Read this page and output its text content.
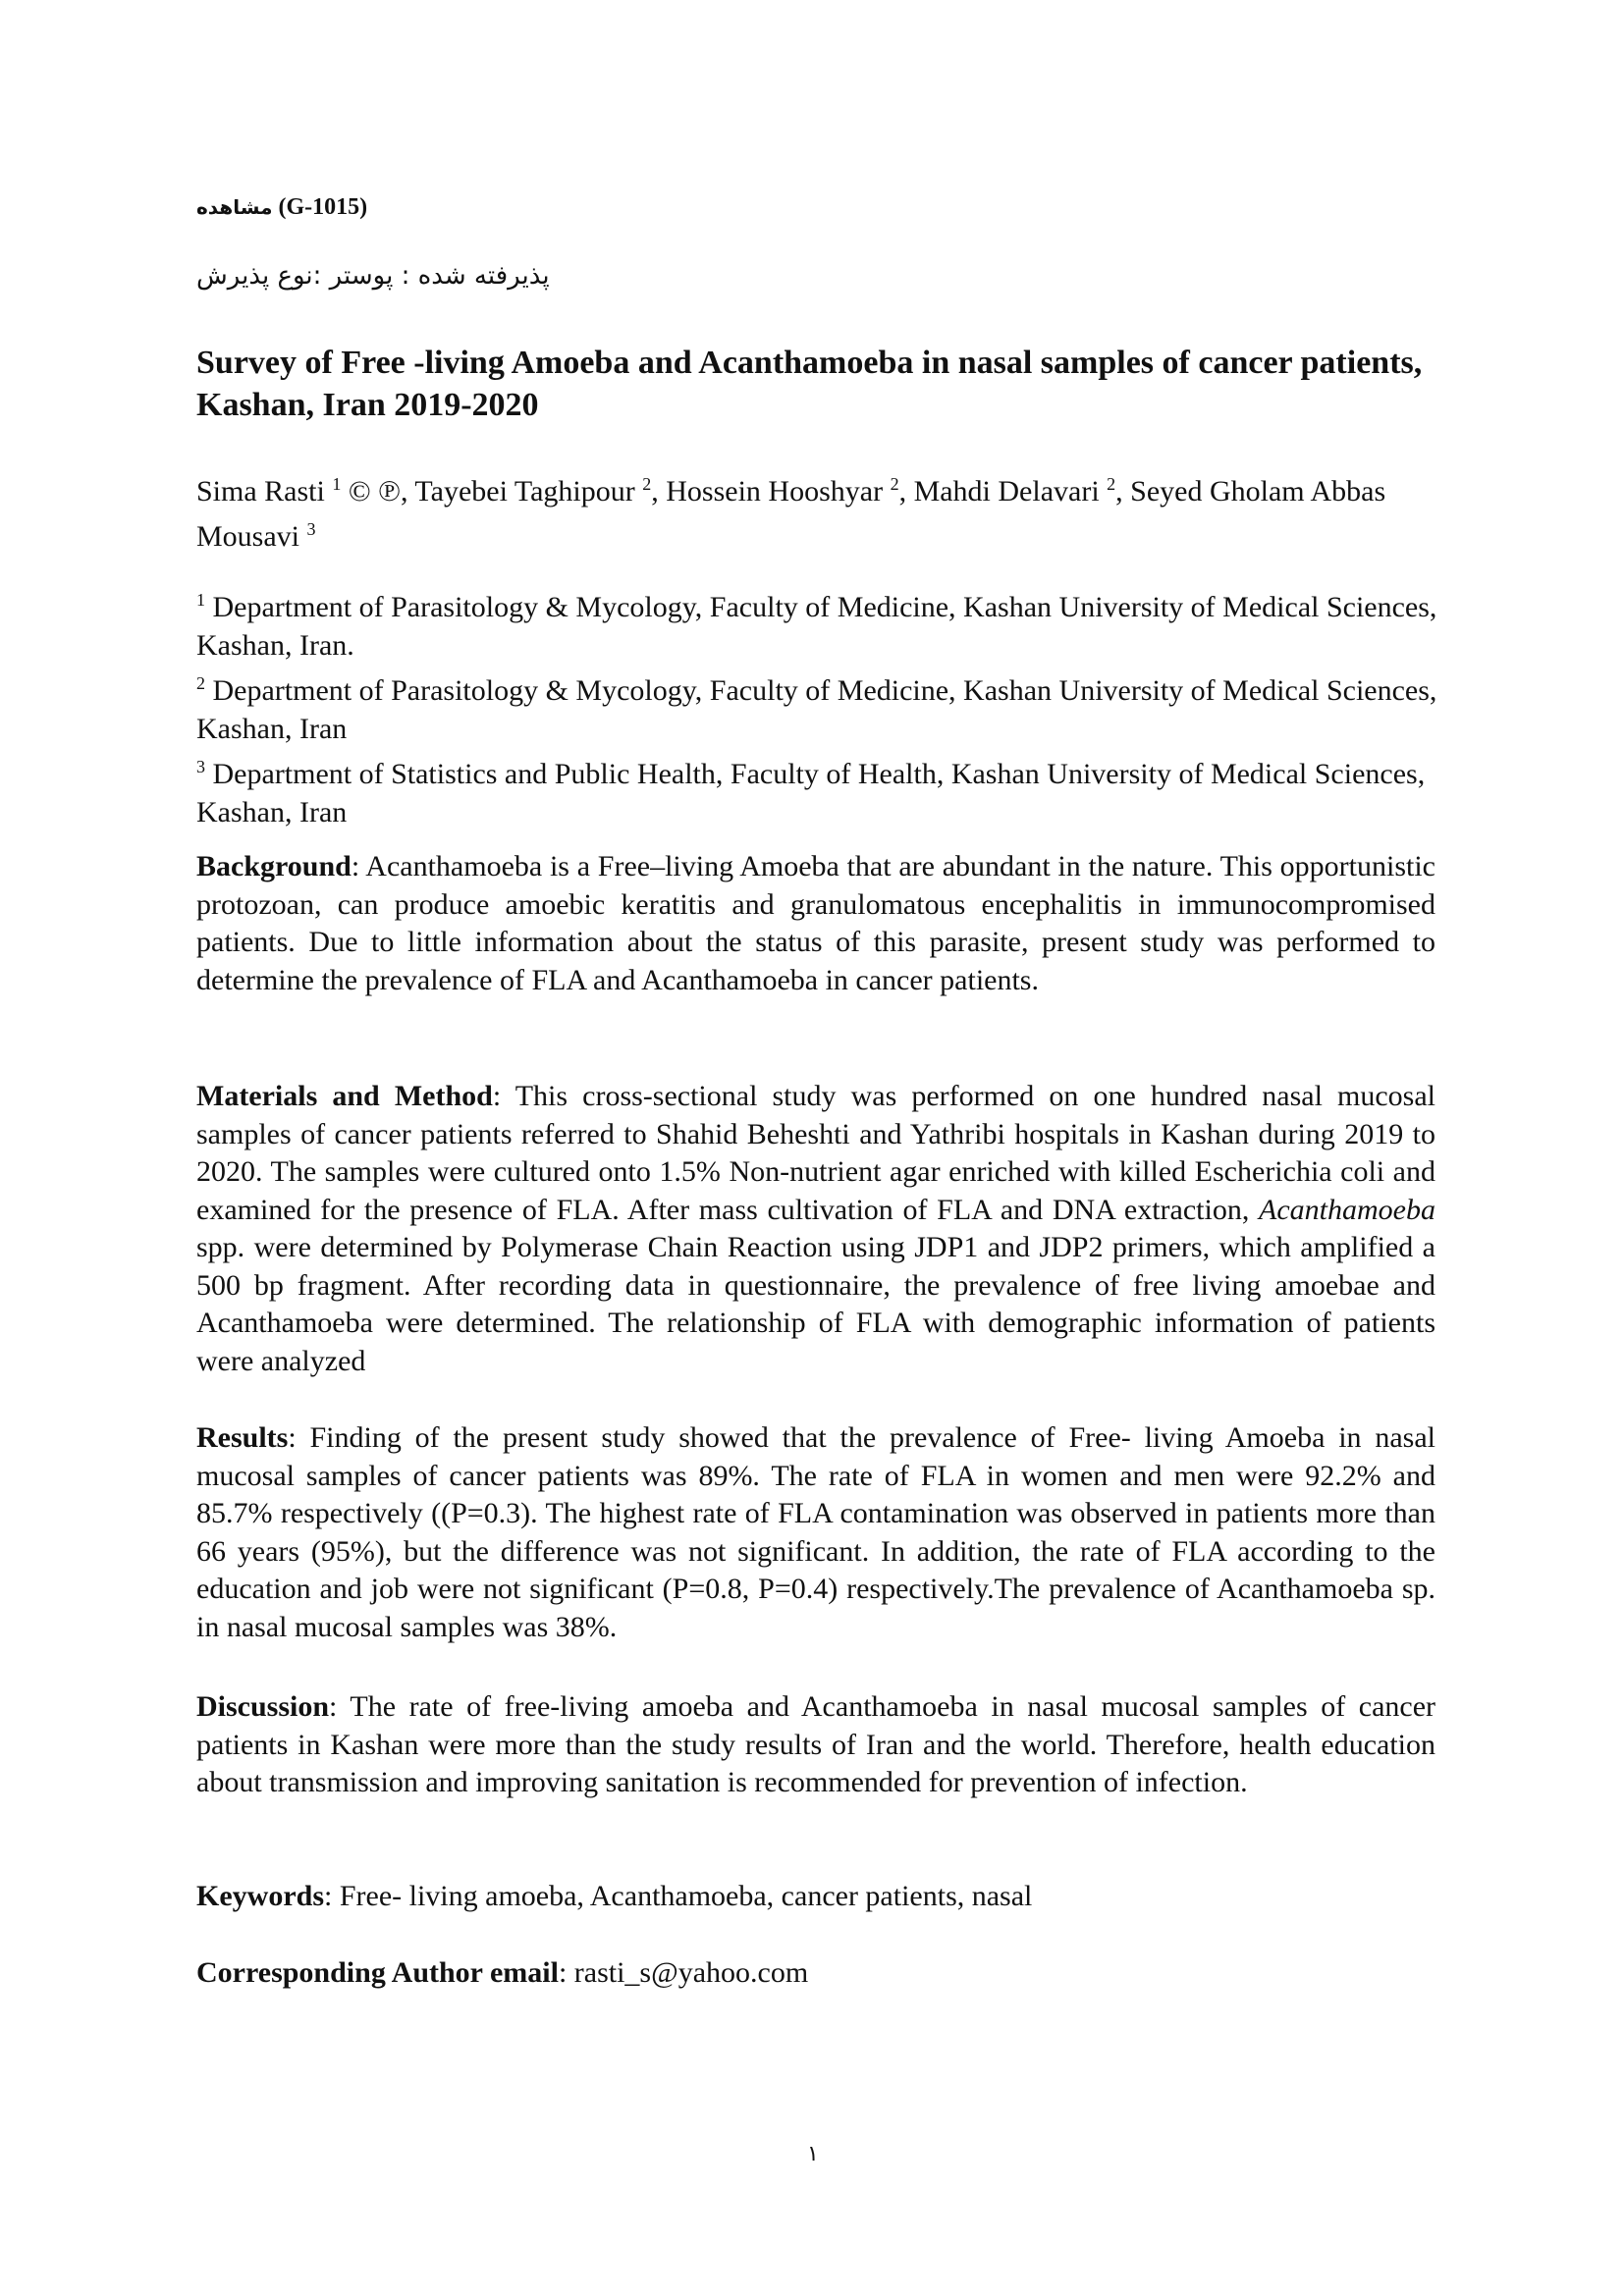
مشاهده (G-1015)
پذیرفته شده : پوستر :نوع پذیرش
Survey of Free -living Amoeba and Acanthamoeba in nasal samples of cancer patients, Kashan, Iran 2019-2020
Sima Rasti $^1$ © ℗, Tayebei Taghipour $^2$, Hossein Hooshyar $^2$, Mahdi Delavari $^2$, Seyed Gholam Abbas Mousavi $^3$
$^1$ Department of Parasitology & Mycology, Faculty of Medicine, Kashan University of Medical Sciences, Kashan, Iran.
$^2$ Department of Parasitology & Mycology, Faculty of Medicine, Kashan University of Medical Sciences, Kashan, Iran
$^3$ Department of Statistics and Public Health, Faculty of Health, Kashan University of Medical Sciences, Kashan, Iran
Background: Acanthamoeba is a Free–living Amoeba that are abundant in the nature. This opportunistic protozoan, can produce amoebic keratitis and granulomatous encephalitis in immunocompromised patients. Due to little information about the status of this parasite, present study was performed to determine the prevalence of FLA and Acanthamoeba in cancer patients.
Materials and Method: This cross-sectional study was performed on one hundred nasal mucosal samples of cancer patients referred to Shahid Beheshti and Yathribi hospitals in Kashan during 2019 to 2020. The samples were cultured onto 1.5% Non-nutrient agar enriched with killed Escherichia coli and examined for the presence of FLA. After mass cultivation of FLA and DNA extraction, Acanthamoeba spp. were determined by Polymerase Chain Reaction using JDP1 and JDP2 primers, which amplified a 500 bp fragment. After recording data in questionnaire, the prevalence of free living amoebae and Acanthamoeba were determined. The relationship of FLA with demographic information of patients were analyzed
Results: Finding of the present study showed that the prevalence of Free- living Amoeba in nasal mucosal samples of cancer patients was 89%. The rate of FLA in women and men were 92.2% and 85.7% respectively ((P=0.3). The highest rate of FLA contamination was observed in patients more than 66 years (95%), but the difference was not significant. In addition, the rate of FLA according to the education and job were not significant (P=0.8, P=0.4) respectively.The prevalence of Acanthamoeba sp. in nasal mucosal samples was 38%.
Discussion: The rate of free-living amoeba and Acanthamoeba in nasal mucosal samples of cancer patients in Kashan were more than the study results of Iran and the world. Therefore, health education about transmission and improving sanitation is recommended for prevention of infection.
Keywords: Free- living amoeba, Acanthamoeba, cancer patients, nasal
Corresponding Author email: rasti_s@yahoo.com
۱
